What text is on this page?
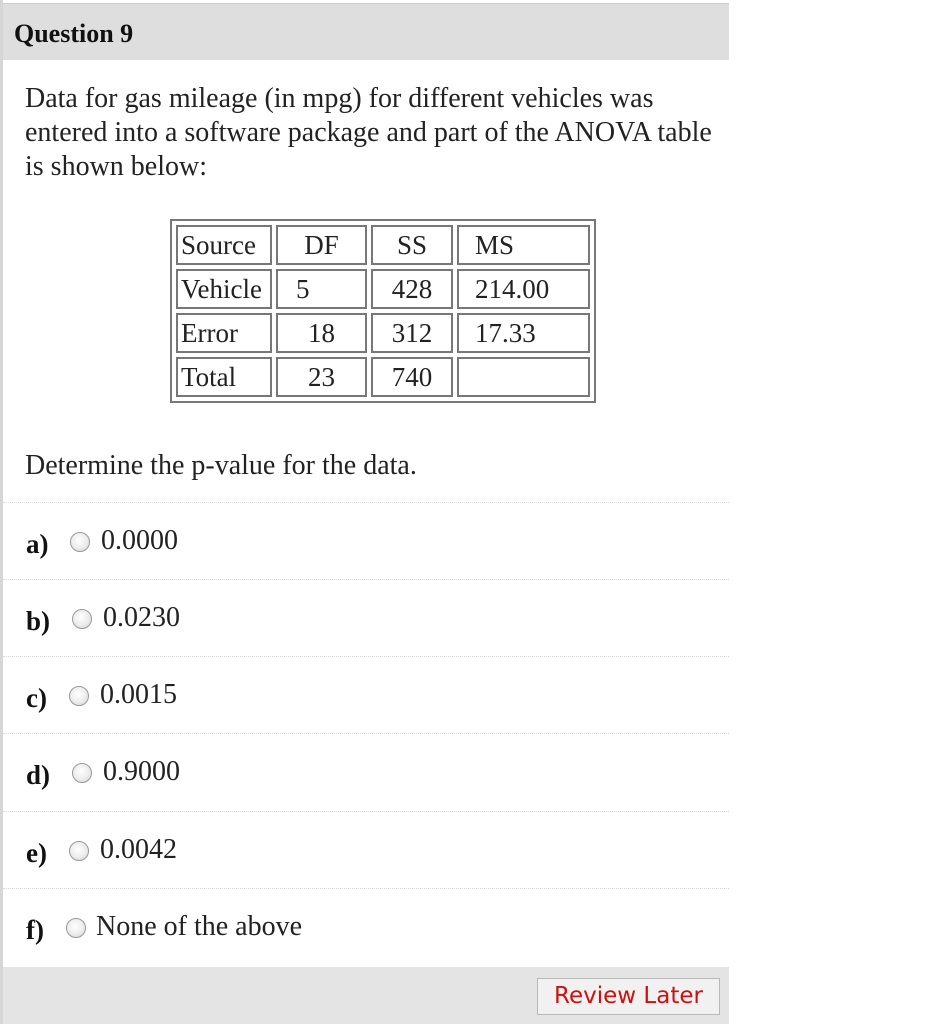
Question 9
Data for gas mileage (in mpg) for different vehicles was entered into a software package and part of the ANOVA table is shown below:
Source	DF	SS	MS
Vehicle	5	428	214.00
Error	18	312	17.33
Total	23	740	
Determine the p-value for the data.
a) 0.0000
b) 0.0230
c) 0.0015
d) 0.9000
e) 0.0042
f) None of the above
Review Later
